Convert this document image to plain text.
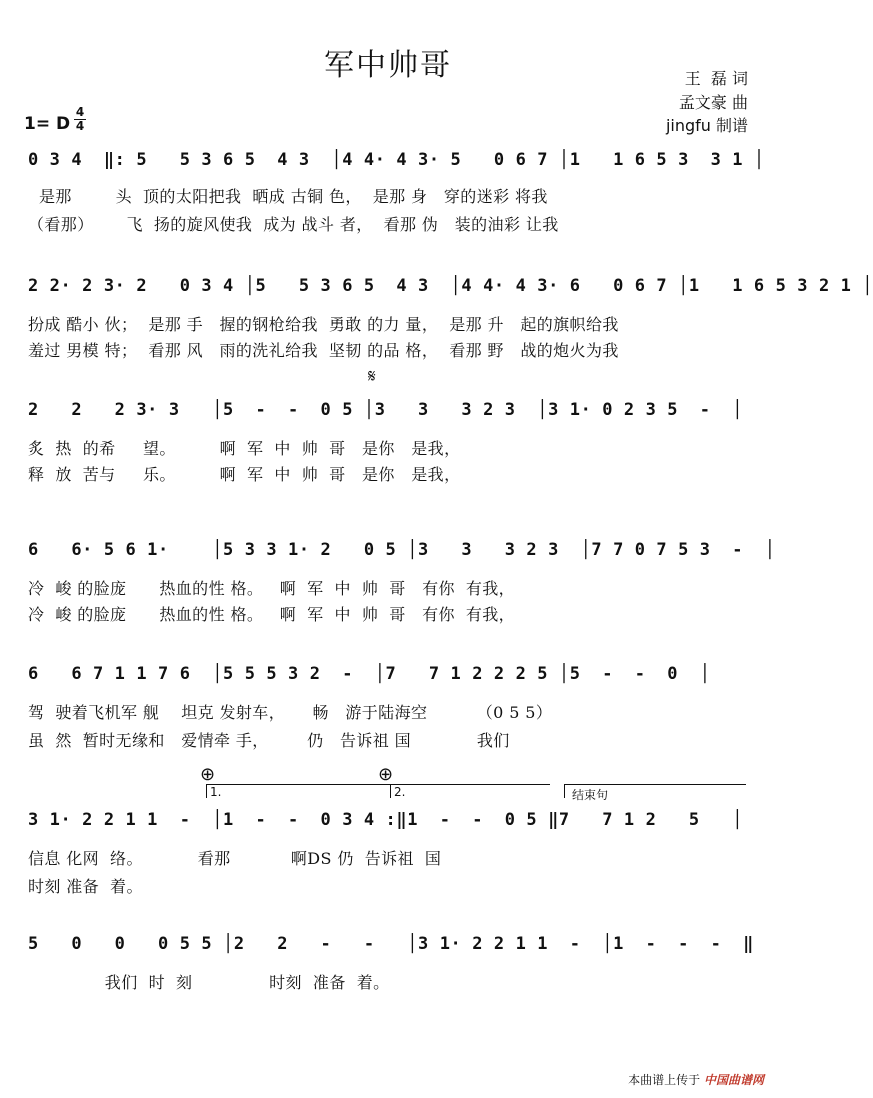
军中帅哥	王  磊 词
孟文豪 曲
jingfu 制谱
1= D
4
4
0 3 4  ‖: 5   5 3 6 5  4 3  │4 4· 4 3· 5   0 6 7 │1   1 6 5 3  3 1 │
是那        头  顶的太阳把我  晒成 古铜 色，  是那 身   穿的迷彩 将我
（看那）      飞  扬的旋风使我  成为 战斗 者，  看那 伪   装的油彩 让我
2 2· 2 3· 2   0 3 4 │5   5 3 6 5  4 3  │4 4· 4 3· 6   0 6 7 │1   1 6 5 3 2 1 │
扮成 酷小 伙；  是那 手   握的钢枪给我  勇敢 的力 量，  是那 升   起的旗帜给我
羞过 男模 特；  看那 风   雨的洗礼给我  坚韧 的品 格，  看那 野   战的炮火为我
𝄋
2   2   2 3· 3   │5  -  -  0 5 │3   3   3 2 3  │3 1· 0 2 3 5  -  │
炙  热  的希     望。        啊  军  中  帅  哥   是你   是我，
释  放  苦与     乐。        啊  军  中  帅  哥   是你   是我，
6   6· 5 6 1·    │5 3 3 1· 2   0 5 │3   3   3 2 3  │7 7 0 7 5 3  -  │
冷  峻 的脸庞      热血的性 格。   啊  军  中  帅  哥   有你  有我，
冷  峻 的脸庞      热血的性 格。   啊  军  中  帅  哥   有你  有我，
6   6 7 1 1 7 6  │5 5 5 3 2  -  │7   7 1 2 2 2 5 │5  -  -  0  │
驾  驶着飞机军 舰    坦克 发射车，     畅   游于陆海空         （0 5 5）
虽  然  暂时无缘和   爱情牵 手，       仍   告诉祖 国            我们
⊕	⊕
1.	2.	结束句
3 1· 2 2 1 1  -  │1  -  -  0 3 4 :‖1  -  -  0 5 ‖7   7 1 2   5   │
信息 化网  络。          看那           啊DS 仍  告诉祖  国
时刻 准备  着。
5   0   0   0 5 5 │2   2   -   -   │3 1· 2 2 1 1  -  │1  -  -  -  ‖
我们  时  刻              时刻  准备  着。
本曲谱上传于 中国曲谱网
